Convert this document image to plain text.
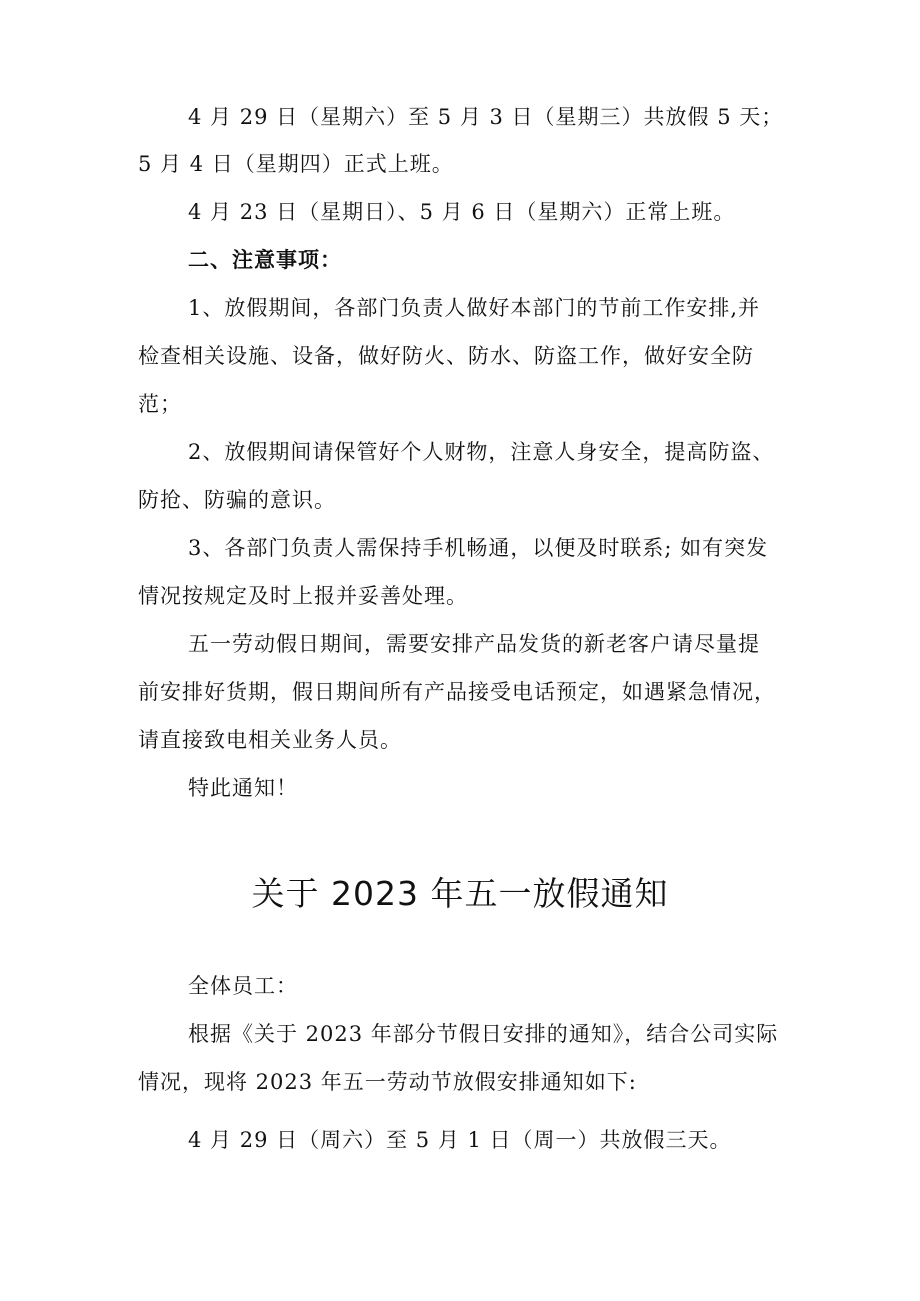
4 月 29 日（星期六）至 5 月 3 日（星期三）共放假 5 天；
5 月 4 日（星期四）正式上班。
4 月 23 日（星期日）、5 月 6 日（星期六）正常上班。
二、注意事项：
1、放假期间，各部门负责人做好本部门的节前工作安排,并
检查相关设施、设备，做好防火、防水、防盗工作，做好安全防
范；
2、放假期间请保管好个人财物，注意人身安全，提高防盗、
防抢、防骗的意识。
3、各部门负责人需保持手机畅通，以便及时联系; 如有突发
情况按规定及时上报并妥善处理。
五一劳动假日期间，需要安排产品发货的新老客户请尽量提
前安排好货期，假日期间所有产品接受电话预定，如遇紧急情况，
请直接致电相关业务人员。
特此通知！
关于 2023 年五一放假通知
全体员工：
根据《关于 2023 年部分节假日安排的通知》，结合公司实际
情况，现将 2023 年五一劳动节放假安排通知如下:
4 月 29 日（周六）至 5 月 1 日（周一）共放假三天。
